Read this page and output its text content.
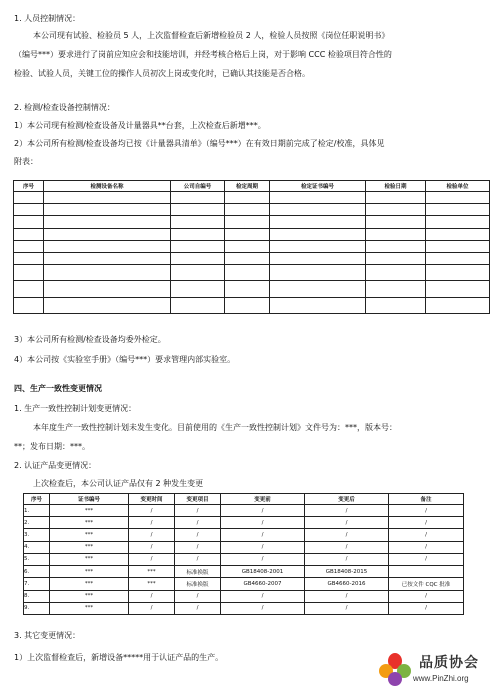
1. 人员控制情况：
本公司现有试验、检验员 5 人，上次监督检查后新增检验员 2 人，检验人员按照《岗位任职说明书》
（编号***）要求进行了岗前应知应会和技能培训，并经考核合格后上岗，对于影响 CCC 检验项目符合性的
检验、试验人员，关键工位的操作人员初次上岗或变化时，已确认其技能是否合格。
2. 检测/检查设备控制情况：
1）本公司现有检测/检查设备及计量器具**台套，上次检查后新增***。
2）本公司所有检测/检查设备均已按《计量器具清单》（编号***）在有效日期前完成了检定/校准，具体见
附表：
序号	检测设备名称	公司自编号	检定周期	检定证书编号	检验日期	检验单位

3）本公司所有检测/检查设备均委外检定。
4）本公司按《实验室手册》（编号***）要求管理内部实验室。
四、生产一致性变更情况
1. 生产一致性控制计划变更情况：
本年度生产一致性控制计划未发生变化。目前使用的《生产一致性控制计划》文件号为：***，版本号：
**；发布日期：***。
2. 认证产品变更情况：
上次检查后，本公司认证产品仅有 2 种发生变更
序号	证书编号	变更时间	变更项目	变更前	变更后	备注
1.	***	/	/	/	/	/
2.	***	/	/	/	/	/
3.	***	/	/	/	/	/
4.	***	/	/	/	/	/
5.	***	/	/	/	/	/
6.	***	***	标准换版	GB18408-2001	GB18408-2015	
7.	***	***	标准换版	GB4660-2007	GB4660-2016	已按文件 CQC 批准
8.	***	/	/	/	/	/
9.	***	/	/	/	/	/
3. 其它变更情况：
1）上次监督检查后，新增设备*****用于认证产品的生产。	品质协会
www.PinZhi.org
